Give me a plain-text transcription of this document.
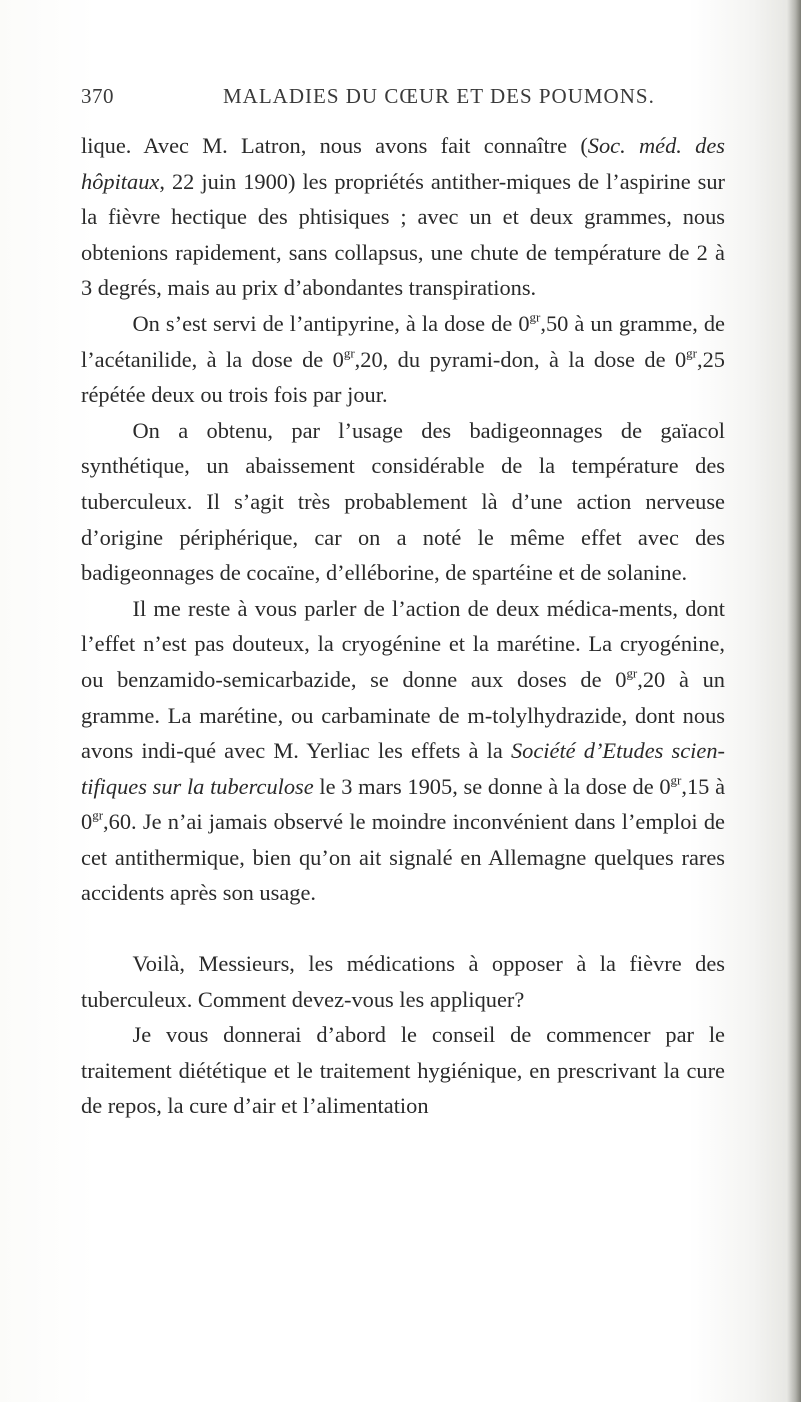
370	MALADIES DU CŒUR ET DES POUMONS.

lique. Avec M. Latron, nous avons fait connaître (Soc. méd. des hôpitaux, 22 juin 1900) les propriétés antither-miques de l’aspirine sur la fièvre hectique des phtisiques ; avec un et deux grammes, nous obtenions rapidement, sans collapsus, une chute de température de 2 à 3 degrés, mais au prix d’abondantes transpirations.

On s’est servi de l’antipyrine, à la dose de $0^{gr},50$ à un gramme, de l’acétanilide, à la dose de $0^{gr},20$, du pyrami-don, à la dose de $0^{gr},25$ répétée deux ou trois fois par jour.

On a obtenu, par l’usage des badigeonnages de gaïacol synthétique, un abaissement considérable de la température des tuberculeux. Il s’agit très probablement là d’une action nerveuse d’origine périphérique, car on a noté le même effet avec des badigeonnages de cocaïne, d’elléborine, de spartéine et de solanine.

Il me reste à vous parler de l’action de deux médica-ments, dont l’effet n’est pas douteux, la cryogénine et la marétine. La cryogénine, ou benzamido-semicarbazide, se donne aux doses de $0^{gr},20$ à un gramme. La marétine, ou carbaminate de m-tolylhydrazide, dont nous avons indi-qué avec M. Yerliac les effets à la Société d’Etudes scien-tifiques sur la tuberculose le 3 mars 1905, se donne à la dose de $0^{gr},15$ à $0^{gr},60$. Je n’ai jamais observé le moindre inconvénient dans l’emploi de cet antithermique, bien qu’on ait signalé en Allemagne quelques rares accidents après son usage.

Voilà, Messieurs, les médications à opposer à la fièvre des tuberculeux. Comment devez-vous les appliquer?

Je vous donnerai d’abord le conseil de commencer par le traitement diététique et le traitement hygiénique, en prescrivant la cure de repos, la cure d’air et l’alimentation
